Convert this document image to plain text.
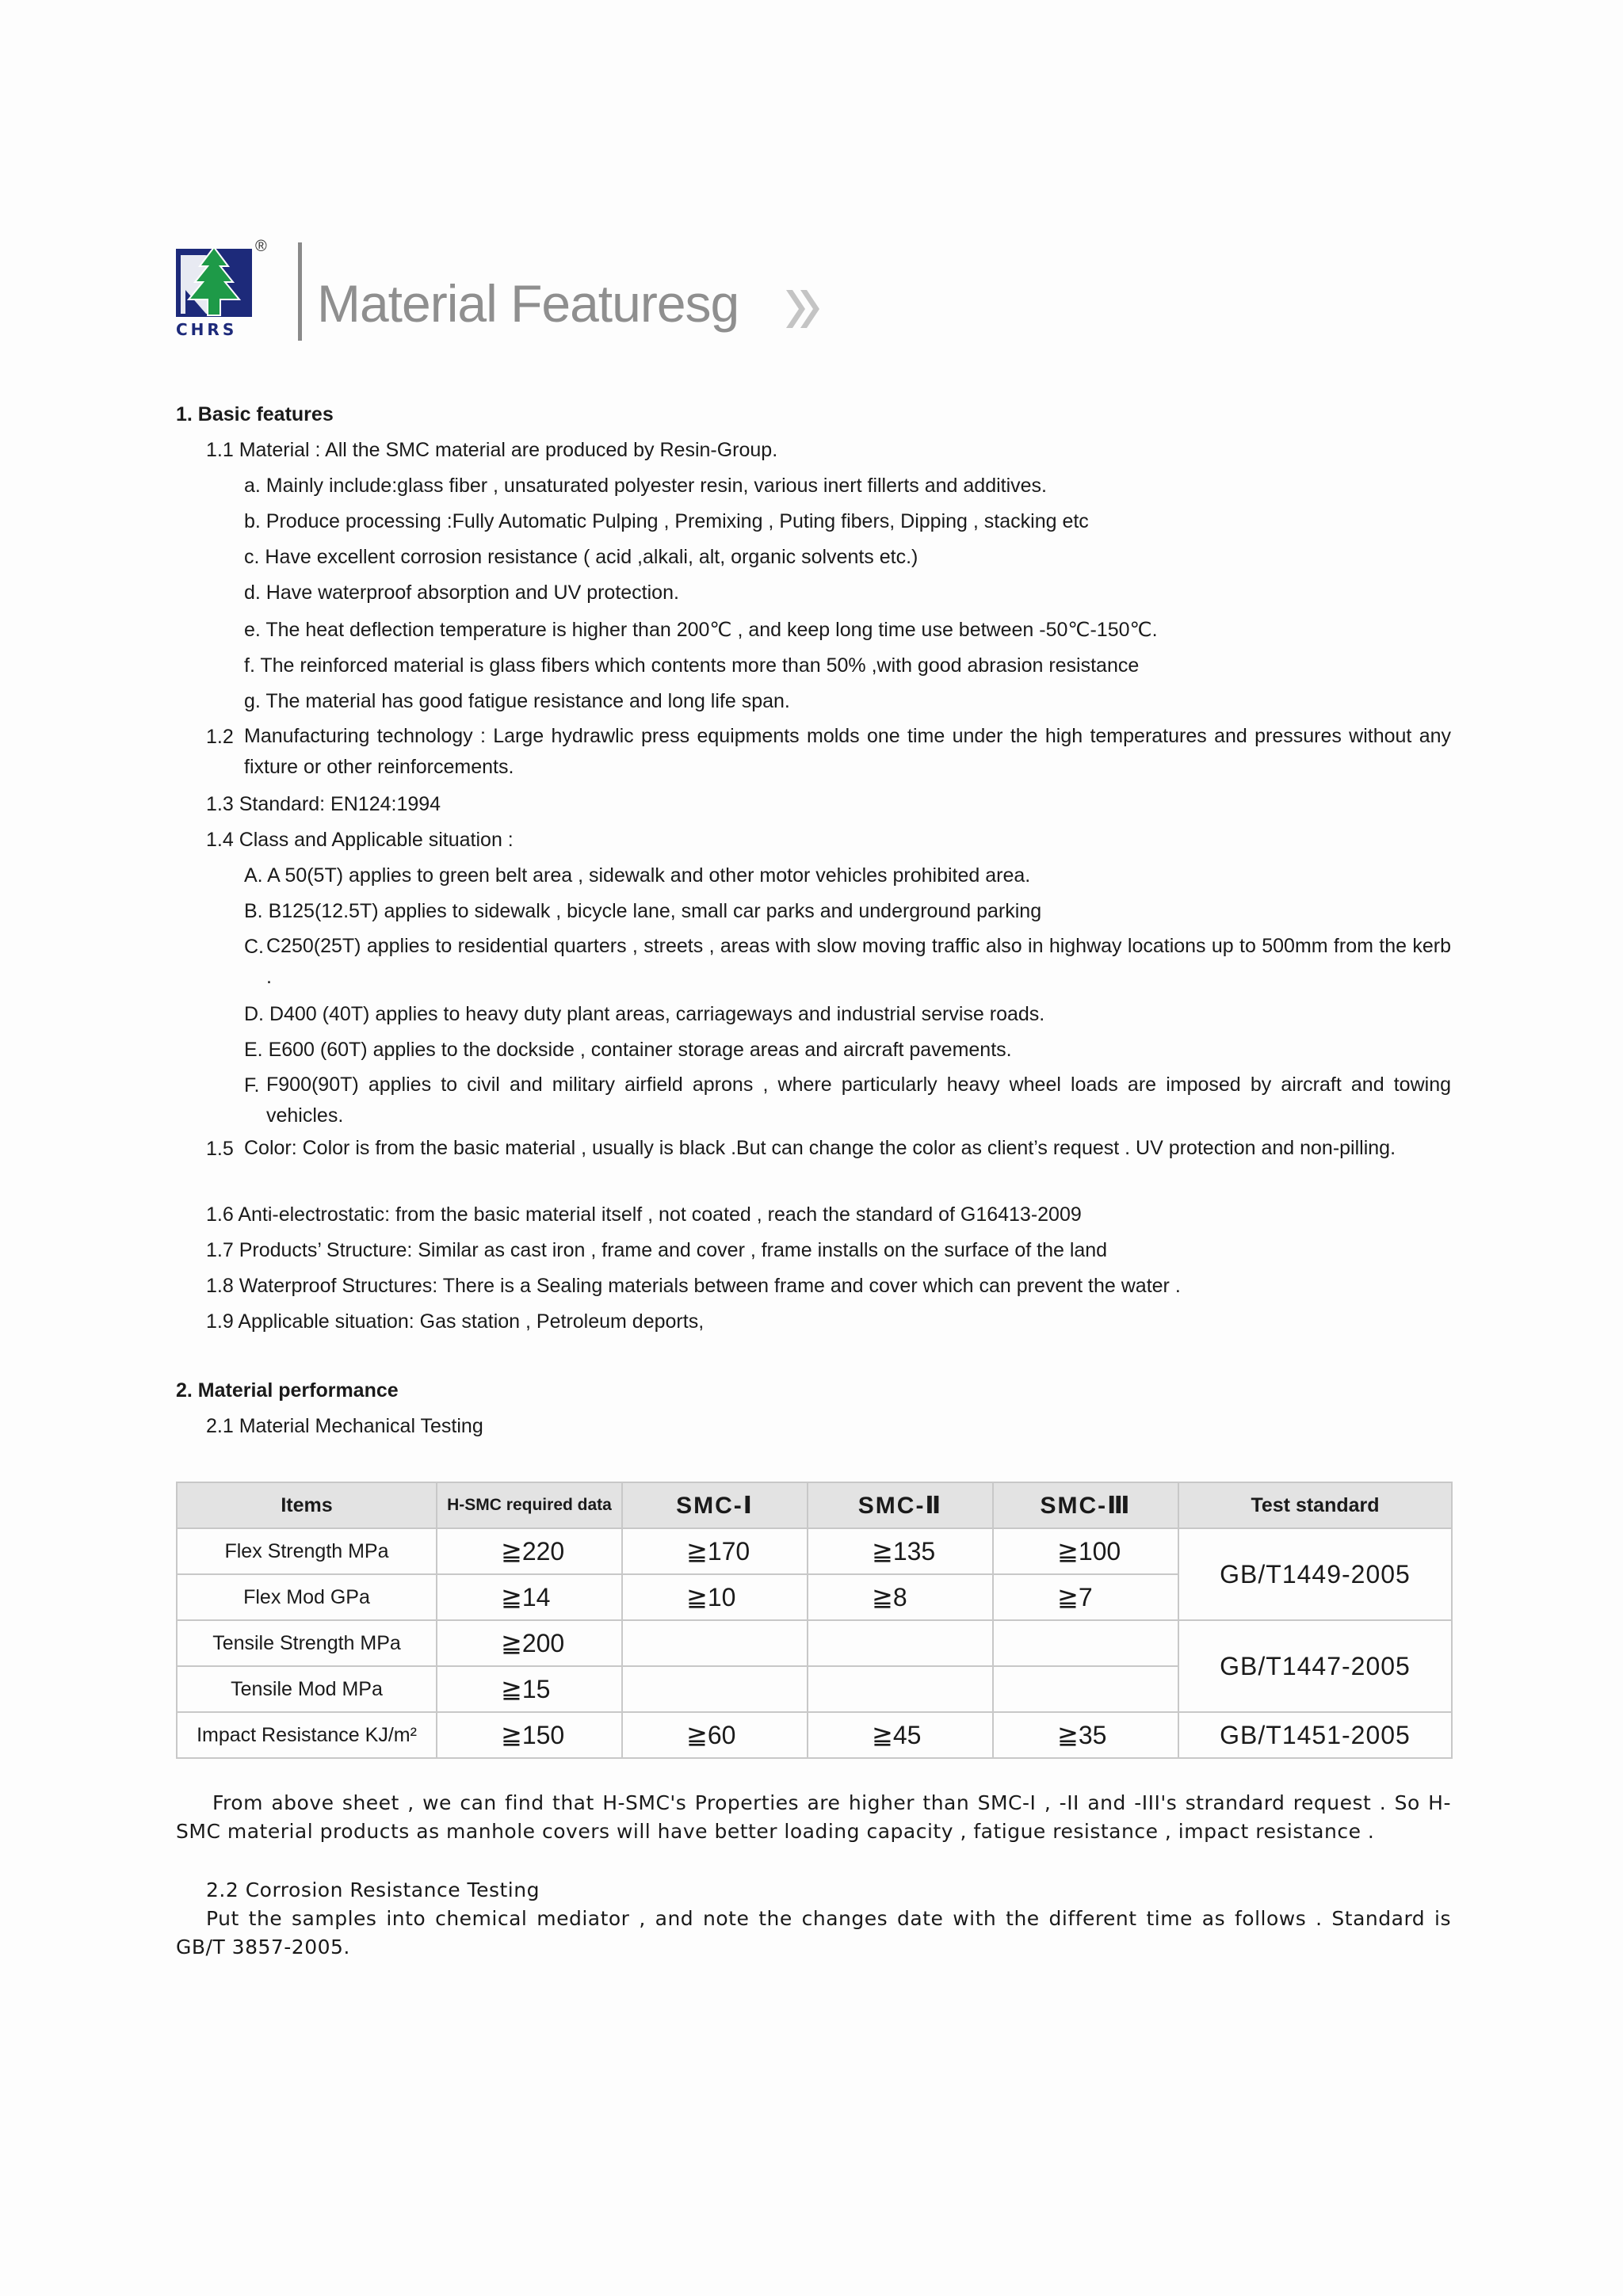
CHRS
®
Material Featuresg
1. Basic features
1.1 Material : All the SMC material are produced by Resin-Group.
a. Mainly include:glass fiber , unsaturated polyester resin, various inert fillerts and additives.
b. Produce processing :Fully Automatic Pulping , Premixing , Puting fibers, Dipping , stacking etc
c. Have excellent corrosion resistance ( acid ,alkali, alt, organic solvents etc.)
d. Have waterproof absorption and UV protection.
e. The heat deflection temperature is higher than 200℃ , and keep long time use between -50℃-150℃.
f. The reinforced material is glass fibers which contents more than 50% ,with good abrasion resistance
g. The material has good fatigue resistance and long life span.
1.2 Manufacturing technology : Large hydrawlic press equipments molds one time under the high temperatures and pressures without any fixture or other reinforcements.
1.3 Standard: EN124:1994
1.4 Class and Applicable situation :
A. A 50(5T) applies to green belt area , sidewalk and other motor vehicles prohibited area.
B. B125(12.5T) applies to sidewalk , bicycle lane, small car parks and underground parking
C. C250(25T) applies to residential quarters , streets , areas with slow moving traffic also in highway locations up to 500mm from the kerb .
D. D400 (40T) applies to heavy duty plant areas, carriageways and industrial servise roads.
E. E600 (60T) applies to the dockside , container storage areas and aircraft pavements.
F. F900(90T) applies to civil and military airfield aprons , where particularly heavy wheel loads are imposed by aircraft and towing vehicles.
1.5 Color: Color is from the basic material , usually is black .But can change the color as client’s request . UV protection and non-pilling.
1.6 Anti-electrostatic: from the basic material itself , not coated , reach the standard of G16413-2009
1.7 Products’ Structure: Similar as cast iron , frame and cover , frame installs on the surface of the land
1.8 Waterproof Structures: There is a Sealing materials between frame and cover which can prevent the water .
1.9 Applicable situation: Gas station , Petroleum deports,
2. Material performance
2.1 Material Mechanical Testing
Items	H-SMC required data	SMC-Ⅰ	SMC-Ⅱ	SMC-Ⅲ	Test standard
Flex Strength MPa	≧220	≧170	≧135	≧100	GB/T1449-2005
Flex Mod GPa	≧14	≧10	≧8	≧7	
Tensile Strength MPa	≧200				GB/T1447-2005
Tensile Mod MPa	≧15				
Impact Resistance KJ/m²	≧150	≧60	≧45	≧35	GB/T1451-2005
From above sheet , we can find that H-SMC's Properties are higher than SMC-I , -II and -III's strandard request . So H-SMC material products as manhole covers will have better loading capacity , fatigue resistance , impact resistance .
2.2 Corrosion Resistance Testing
Put the samples into chemical mediator , and note the changes date with the different time as follows . Standard is GB/T 3857-2005.
